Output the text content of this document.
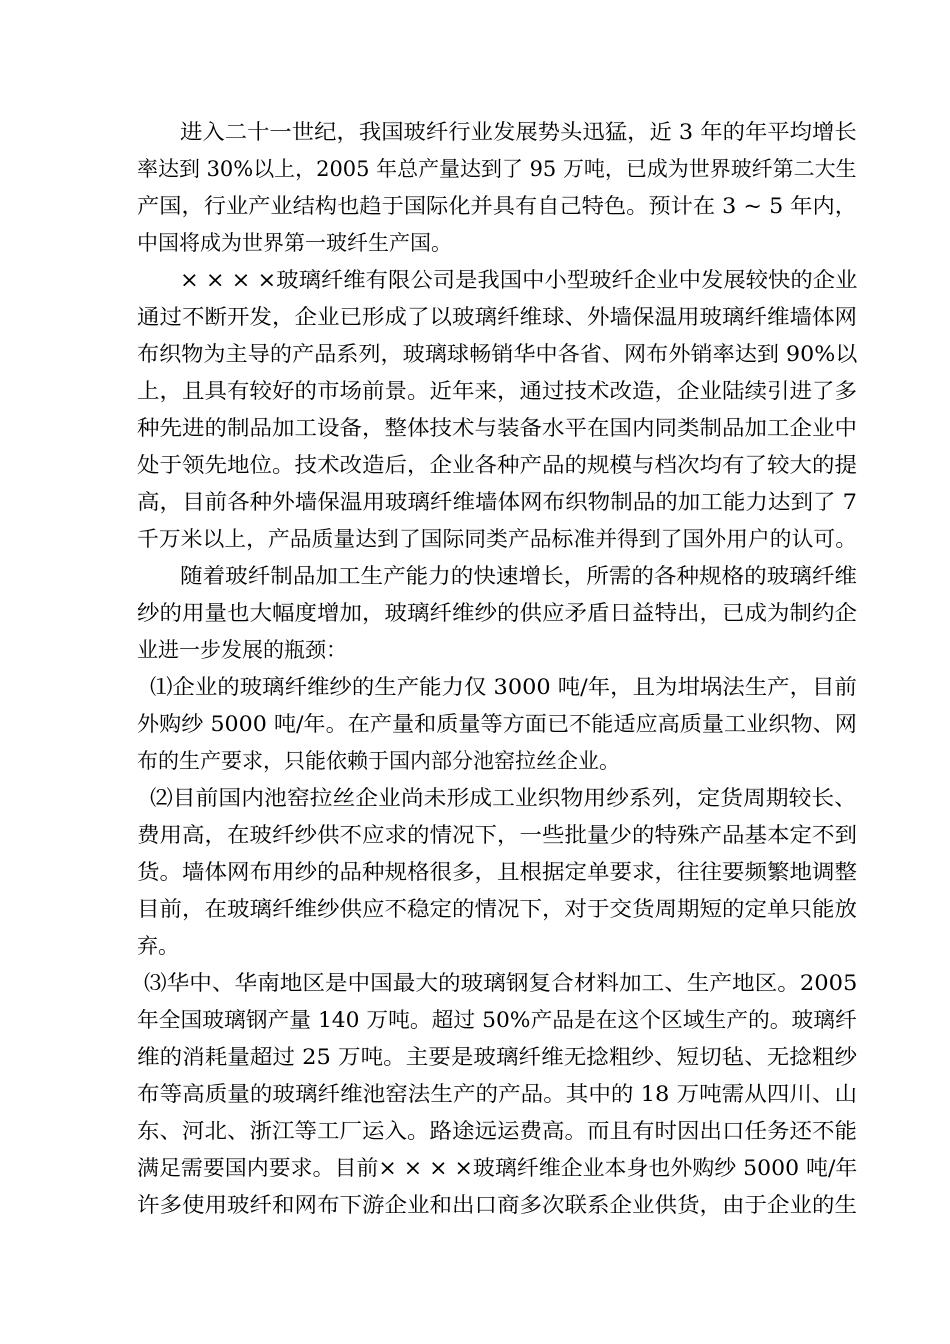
进入二十一世纪，我国玻纤行业发展势头迅猛，近 3 年的年平均增长
率达到 30%以上，2005 年总产量达到了 95 万吨，已成为世界玻纤第二大生
产国，行业产业结构也趋于国际化并具有自己特色。预计在 3 ~ 5 年内，
中国将成为世界第一玻纤生产国。
× × × ×玻璃纤维有限公司是我国中小型玻纤企业中发展较快的企业
通过不断开发，企业已形成了以玻璃纤维球、外墙保温用玻璃纤维墙体网
布织物为主导的产品系列，玻璃球畅销华中各省、网布外销率达到 90%以
上，且具有较好的市场前景。近年来，通过技术改造，企业陆续引进了多
种先进的制品加工设备，整体技术与装备水平在国内同类制品加工企业中
处于领先地位。技术改造后，企业各种产品的规模与档次均有了较大的提
高，目前各种外墙保温用玻璃纤维墙体网布织物制品的加工能力达到了 7
千万米以上，产品质量达到了国际同类产品标准并得到了国外用户的认可。
随着玻纤制品加工生产能力的快速增长，所需的各种规格的玻璃纤维
纱的用量也大幅度增加，玻璃纤维纱的供应矛盾日益特出，已成为制约企
业进一步发展的瓶颈：
⑴企业的玻璃纤维纱的生产能力仅 3000 吨/年，且为坩埚法生产，目前
外购纱 5000 吨/年。在产量和质量等方面已不能适应高质量工业织物、网
布的生产要求，只能依赖于国内部分池窑拉丝企业。
⑵目前国内池窑拉丝企业尚未形成工业织物用纱系列，定货周期较长、
费用高，在玻纤纱供不应求的情况下，一些批量少的特殊产品基本定不到
货。墙体网布用纱的品种规格很多，且根据定单要求，往往要频繁地调整
目前，在玻璃纤维纱供应不稳定的情况下，对于交货周期短的定单只能放
弃。
⑶华中、华南地区是中国最大的玻璃钢复合材料加工、生产地区。2005
年全国玻璃钢产量 140 万吨。超过 50%产品是在这个区域生产的。玻璃纤
维的消耗量超过 25 万吨。主要是玻璃纤维无捻粗纱、短切毡、无捻粗纱
布等高质量的玻璃纤维池窑法生产的产品。其中的 18 万吨需从四川、山
东、河北、浙江等工厂运入。路途远运费高。而且有时因出口任务还不能
满足需要国内要求。目前× × × ×玻璃纤维企业本身也外购纱 5000 吨/年
许多使用玻纤和网布下游企业和出口商多次联系企业供货，由于企业的生
